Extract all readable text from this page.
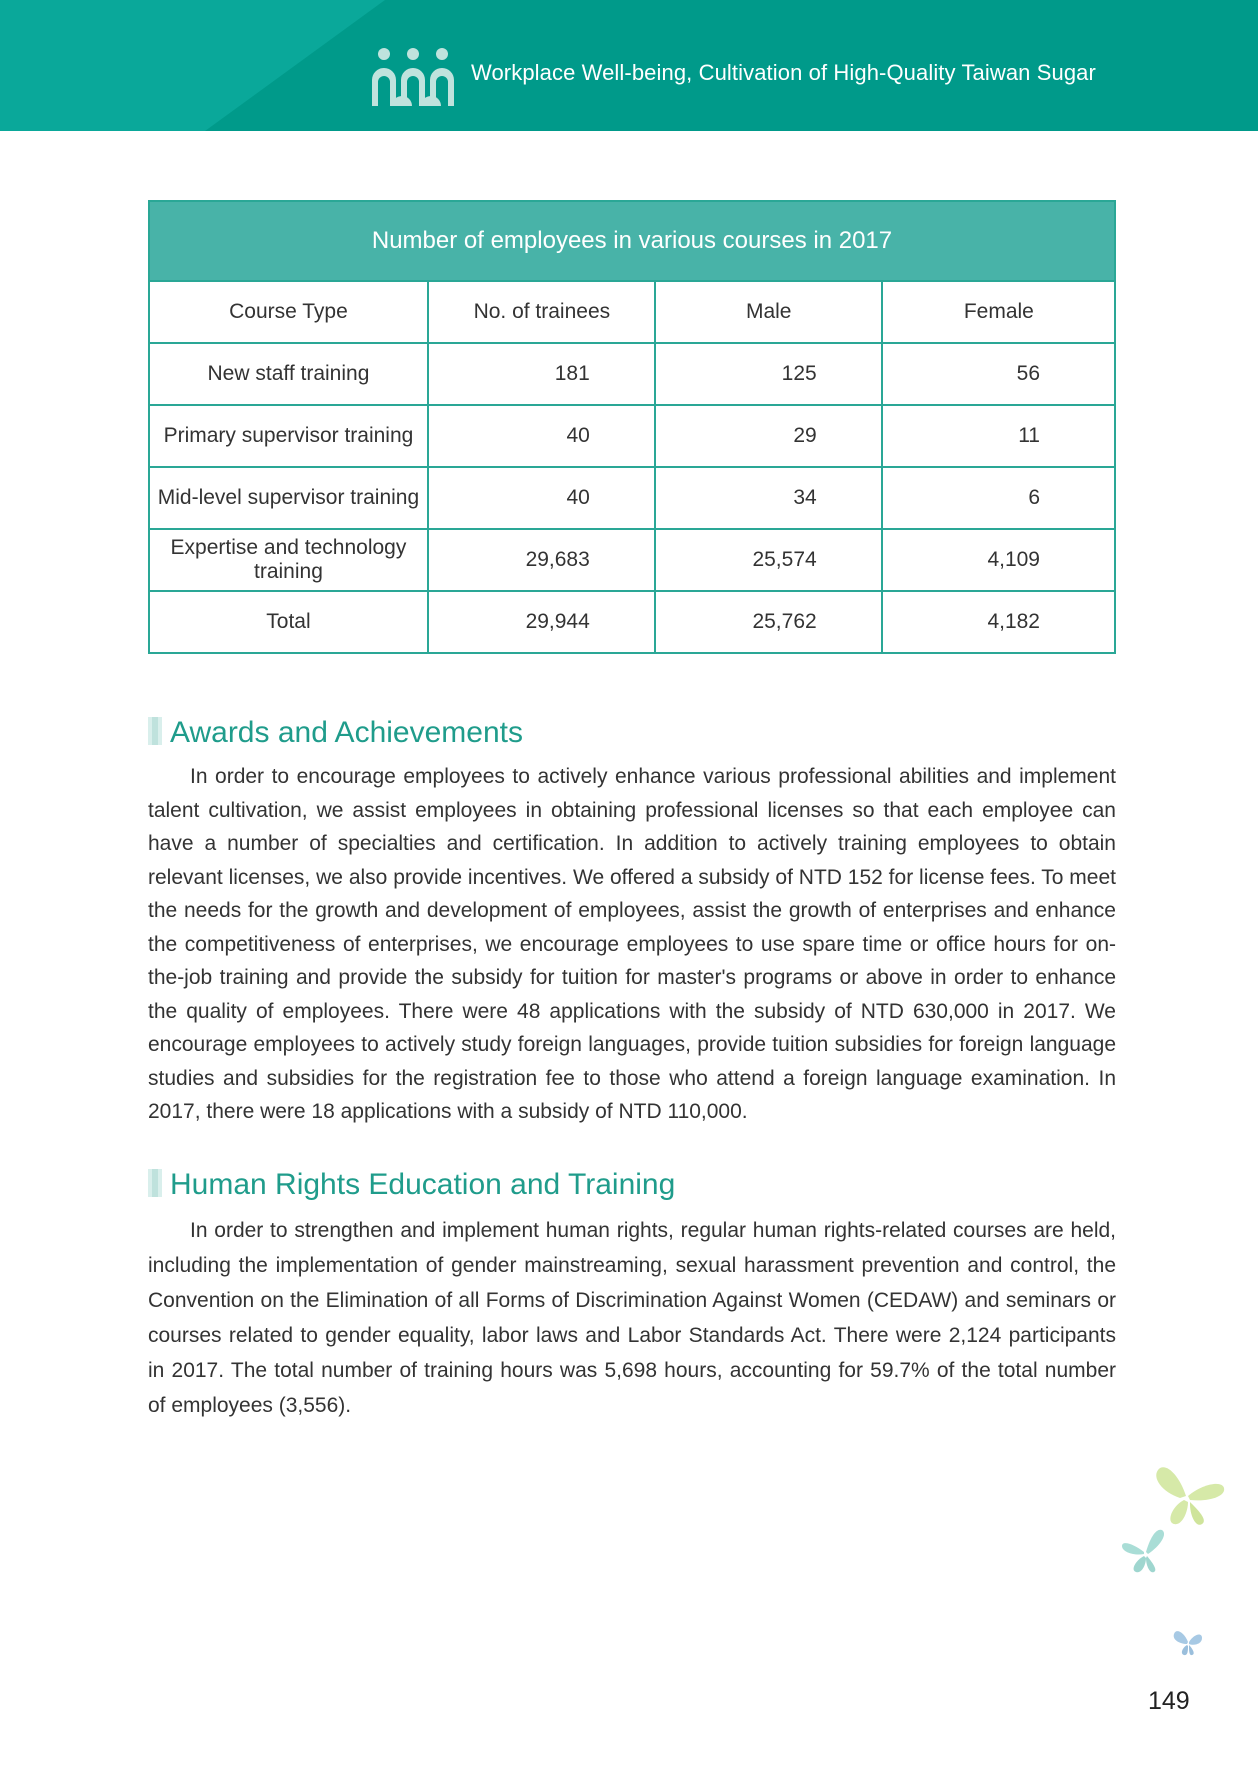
Workplace Well-being, Cultivation of High-Quality Taiwan Sugar
Number of employees in various courses in 2017			
Course Type	No. of trainees	Male	Female
New staff training	181	125	56
Primary supervisor training	40	29	11
Mid-level supervisor training	40	34	6
Expertise and technology training	29,683	25,574	4,109
Total	29,944	25,762	4,182
Awards and Achievements
In order to encourage employees to actively enhance various professional abilities and implement talent cultivation, we assist employees in obtaining professional licenses so that each employee can have a number of specialties and certification. In addition to actively training employees to obtain relevant licenses, we also provide incentives. We offered a subsidy of NTD 152 for license fees. To meet the needs for the growth and development of employees, assist the growth of enterprises and enhance the competitiveness of enterprises, we encourage employees to use spare time or office hours for on-the-job training and provide the subsidy for tuition for master's programs or above in order to enhance the quality of employees. There were 48 applications with the subsidy of NTD 630,000 in 2017. We encourage employees to actively study foreign languages, provide tuition subsidies for foreign language studies and subsidies for the registration fee to those who attend a foreign language examination. In 2017, there were 18 applications with a subsidy of NTD 110,000.
Human Rights Education and Training
In order to strengthen and implement human rights, regular human rights-related courses are held, including the implementation of gender mainstreaming, sexual harassment prevention and control, the Convention on the Elimination of all Forms of Discrimination Against Women (CEDAW) and seminars or courses related to gender equality, labor laws and Labor Standards Act. There were 2,124 participants in 2017. The total number of training hours was 5,698 hours, accounting for 59.7% of the total number of employees (3,556).
149
